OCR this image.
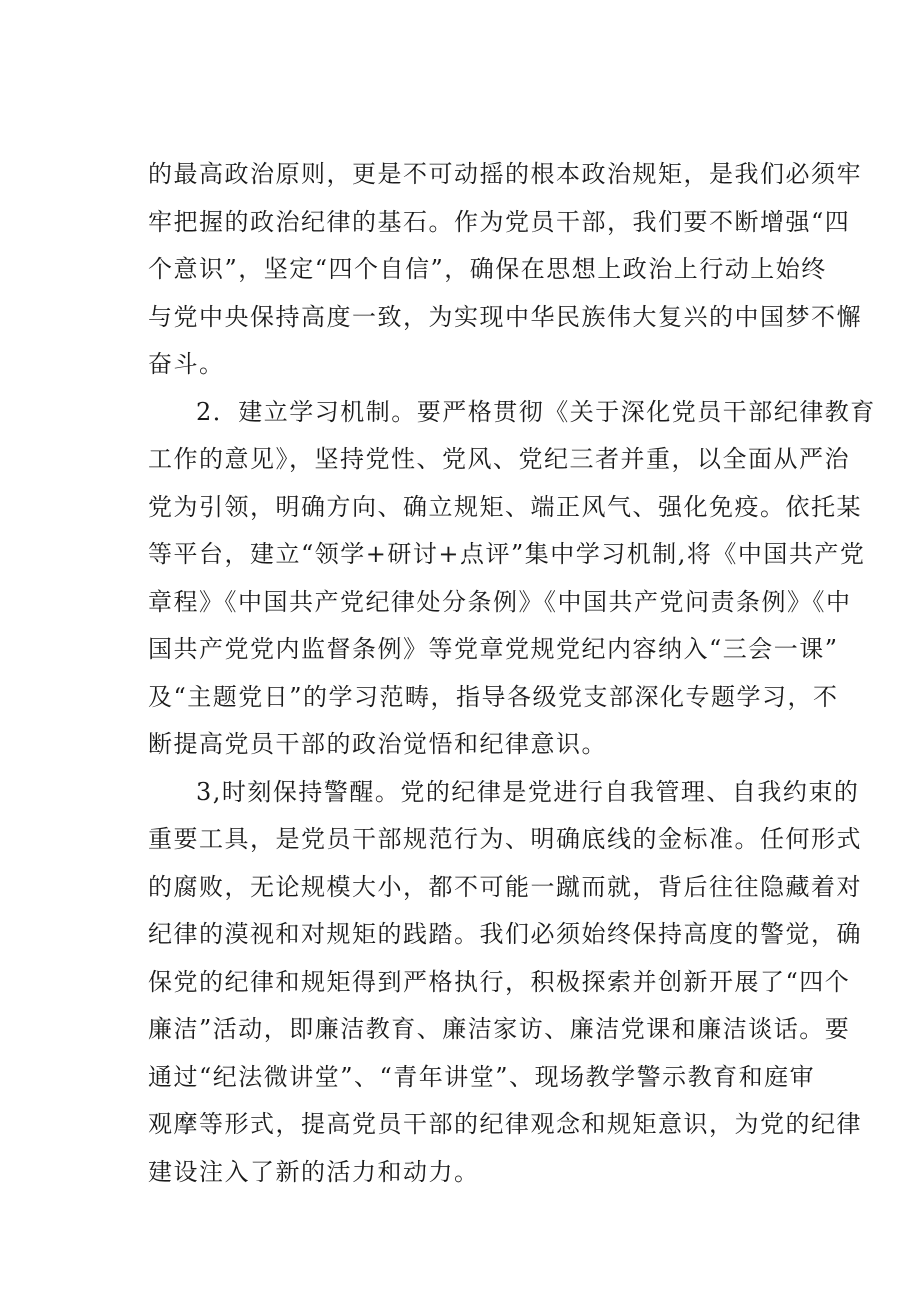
的最高政治原则，更是不可动摇的根本政治规矩，是我们必须牢
牢把握的政治纪律的基石。作为党员干部，我们要不断增强“四
个意识”，坚定“四个自信”，确保在思想上政治上行动上始终
与党中央保持高度一致，为实现中华民族伟大复兴的中国梦不懈
奋斗。
2．建立学习机制。要严格贯彻《关于深化党员干部纪律教育
工作的意见》，坚持党性、党风、党纪三者并重，以全面从严治
党为引领，明确方向、确立规矩、端正风气、强化免疫。依托某
等平台，建立“领学+研讨+点评”集中学习机制,将《中国共产党
章程》《中国共产党纪律处分条例》《中国共产党问责条例》《中
国共产党党内监督条例》等党章党规党纪内容纳入“三会一课”
及“主题党日”的学习范畴，指导各级党支部深化专题学习，不
断提高党员干部的政治觉悟和纪律意识。
3,时刻保持警醒。党的纪律是党进行自我管理、自我约束的
重要工具，是党员干部规范行为、明确底线的金标准。任何形式
的腐败，无论规模大小，都不可能一蹴而就，背后往往隐藏着对
纪律的漠视和对规矩的践踏。我们必须始终保持高度的警觉，确
保党的纪律和规矩得到严格执行，积极探索并创新开展了“四个
廉洁”活动，即廉洁教育、廉洁家访、廉洁党课和廉洁谈话。要
通过“纪法微讲堂”、“青年讲堂”、现场教学警示教育和庭审
观摩等形式，提高党员干部的纪律观念和规矩意识，为党的纪律
建设注入了新的活力和动力。
